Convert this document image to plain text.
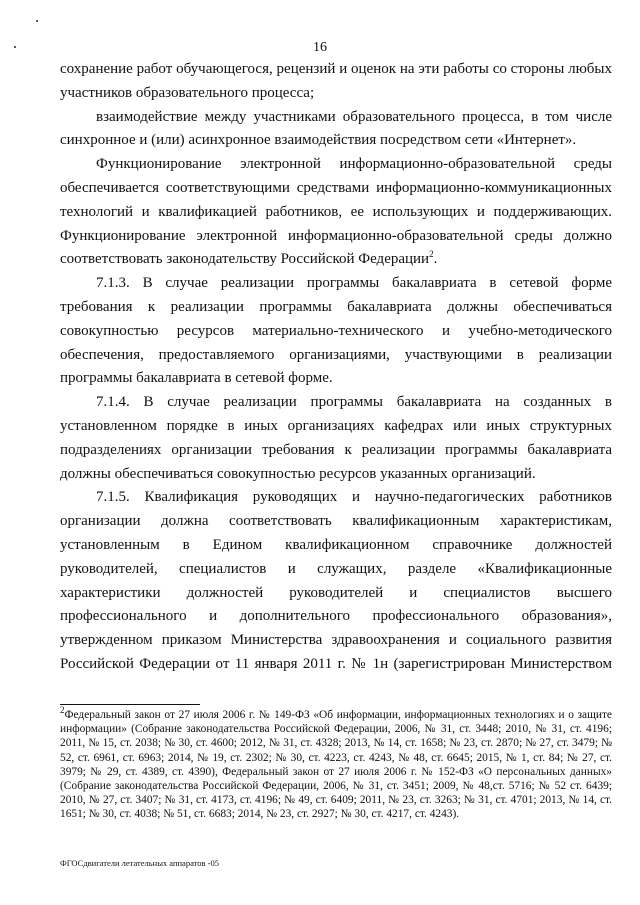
16

сохранение работ обучающегося, рецензий и оценок на эти работы со стороны любых участников образовательного процесса;

взаимодействие между участниками образовательного процесса, в том числе синхронное и (или) асинхронное взаимодействия посредством сети «Интернет».

Функционирование электронной информационно-образовательной среды обеспечивается соответствующими средствами информационно-коммуникационных технологий и квалификацией работников, ее использующих и поддерживающих. Функционирование электронной информационно-образовательной среды должно соответствовать законодательству Российской Федерации$^2$.

7.1.3. В случае реализации программы бакалавриата в сетевой форме требования к реализации программы бакалавриата должны обеспечиваться совокупностью ресурсов материально-технического и учебно-методического обеспечения, предоставляемого организациями, участвующими в реализации программы бакалавриата в сетевой форме.

7.1.4. В случае реализации программы бакалавриата на созданных в установленном порядке в иных организациях кафедрах или иных структурных подразделениях организации требования к реализации программы бакалавриата должны обеспечиваться совокупностью ресурсов указанных организаций.

7.1.5. Квалификация руководящих и научно-педагогических работников организации должна соответствовать квалификационным характеристикам, установленным в Едином квалификационном справочнике должностей руководителей, специалистов и служащих, разделе «Квалификационные характеристики должностей руководителей и специалистов высшего профессионального и дополнительного профессионального образования», утвержденном приказом Министерства здравоохранения и социального развития Российской Федерации от 11 января 2011 г. № 1н (зарегистрирован Министерством

$^2$Федеральный закон от 27 июля 2006 г. № 149-ФЗ «Об информации, информационных технологиях и о защите информации» (Собрание законодательства Российской Федерации, 2006, № 31, ст. 3448; 2010, № 31, ст. 4196; 2011, № 15, ст. 2038; № 30, ст. 4600; 2012, № 31, ст. 4328; 2013, № 14, ст. 1658; № 23, ст. 2870; № 27, ст. 3479; № 52, ст. 6961, ст. 6963; 2014, № 19, ст. 2302; № 30, ст. 4223, ст. 4243, № 48, ст. 6645; 2015, № 1, ст. 84; № 27, ст. 3979; № 29, ст. 4389, ст. 4390), Федеральный закон от 27 июля 2006 г. № 152-ФЗ «О персональных данных» (Собрание законодательства Российской Федерации, 2006, № 31, ст. 3451; 2009, № 48,ст. 5716; № 52 ст. 6439; 2010, № 27, ст. 3407; № 31, ст. 4173, ст. 4196; № 49, ст. 6409; 2011, № 23, ст. 3263; № 31, ст. 4701; 2013, № 14, ст. 1651; № 30, ст. 4038; № 51, ст. 6683; 2014, № 23, ст. 2927; № 30, ст. 4217, ст. 4243).

ФГОСдвигатели летательных аппаратов -05
